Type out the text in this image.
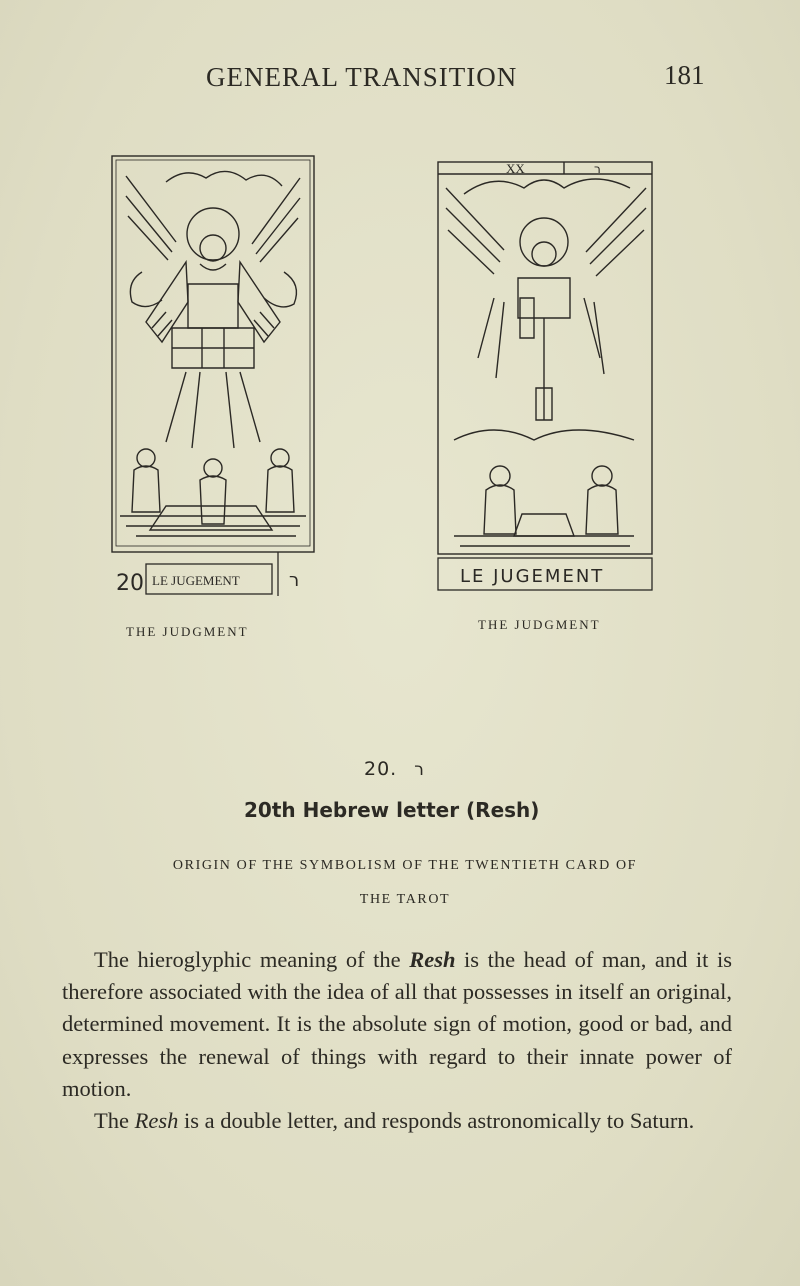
GENERAL TRANSITION	181
20 LE JUGEMENT	ר
THE JUDGMENT
XX	ר
LE JUGEMENT
THE JUDGMENT
20. ר
20th Hebrew letter (Resh)
ORIGIN OF THE SYMBOLISM OF THE TWENTIETH CARD OF
THE TAROT

The hieroglyphic meaning of the Resh is the head of man, and it is therefore associated with the idea of all that possesses in itself an original, determined movement. It is the absolute sign of motion, good or bad, and expresses the renewal of things with regard to their innate power of motion.

The Resh is a double letter, and responds astronomically to Saturn.
